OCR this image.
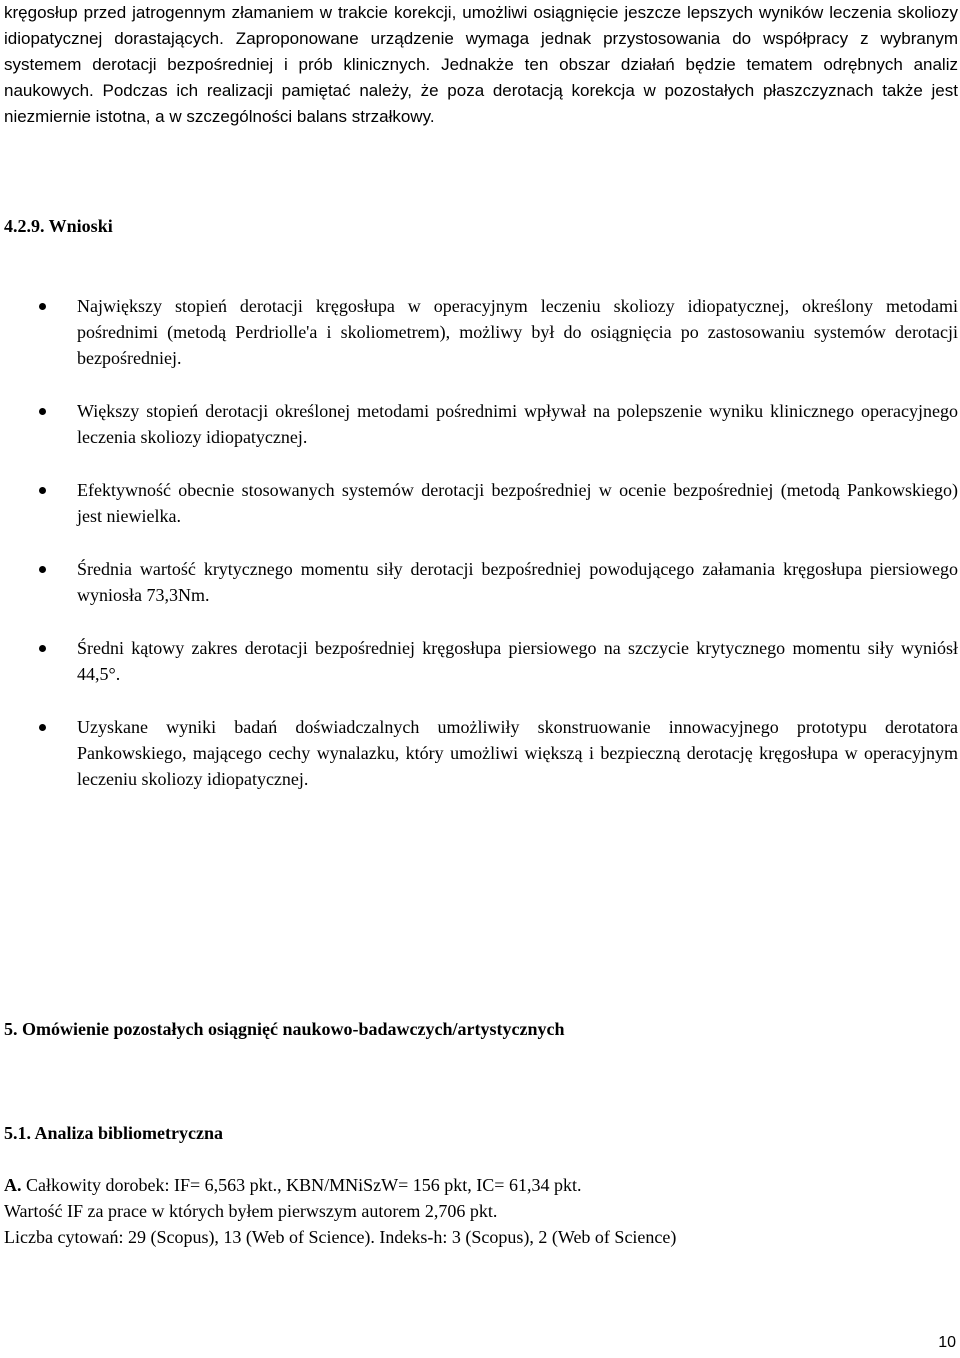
kręgosłup przed jatrogennym złamaniem w trakcie korekcji, umożliwi osiągnięcie jeszcze lepszych wyników leczenia skoliozy idiopatycznej dorastających. Zaproponowane urządzenie wymaga jednak przystosowania do współpracy z wybranym systemem derotacji bezpośredniej i prób klinicznych. Jednakże ten obszar działań będzie tematem odrębnych analiz naukowych. Podczas ich realizacji pamiętać należy, że poza derotacją korekcja w pozostałych płaszczyznach także jest niezmiernie istotna, a w szczególności balans strzałkowy.

4.2.9. Wnioski

Największy stopień derotacji kręgosłupa w operacyjnym leczeniu skoliozy idiopatycznej, określony metodami pośrednimi (metodą Perdriolle'a i skoliometrem), możliwy był do osiągnięcia po zastosowaniu systemów derotacji bezpośredniej.

Większy stopień derotacji określonej metodami pośrednimi wpływał na polepszenie wyniku klinicznego operacyjnego leczenia skoliozy idiopatycznej.

Efektywność obecnie stosowanych systemów derotacji bezpośredniej w ocenie bezpośredniej (metodą Pankowskiego) jest niewielka.

Średnia wartość krytycznego momentu siły derotacji bezpośredniej powodującego załamania kręgosłupa piersiowego wyniosła 73,3Nm.

Średni kątowy zakres derotacji bezpośredniej kręgosłupa piersiowego na szczycie krytycznego momentu siły wyniósł 44,5°.

Uzyskane wyniki badań doświadczalnych umożliwiły skonstruowanie innowacyjnego prototypu derotatora Pankowskiego, mającego cechy wynalazku, który umożliwi większą i bezpieczną derotację kręgosłupa w operacyjnym leczeniu skoliozy idiopatycznej.

5. Omówienie pozostałych osiągnięć naukowo-badawczych/artystycznych
5.1. Analiza bibliometryczna

A. Całkowity dorobek: IF= 6,563 pkt., KBN/MNiSzW= 156 pkt, IC= 61,34 pkt.

Wartość IF za prace w których byłem pierwszym autorem 2,706 pkt.

Liczba cytowań: 29 (Scopus), 13 (Web of Science). Indeks-h: 3 (Scopus), 2 (Web of Science)

10
